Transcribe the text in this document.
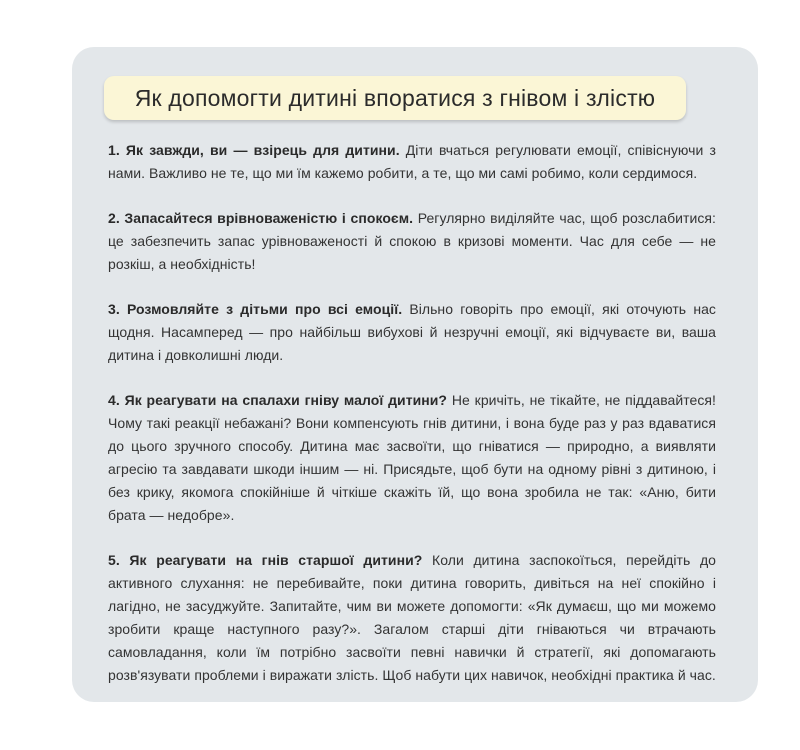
Як допомогти дитині впоратися з гнівом і злістю

1. Як завжди, ви — взірець для дитини. Діти вчаться регулювати емоції, співіснуючи з нами. Важливо не те, що ми їм кажемо робити, а те, що ми самі робимо, коли сердимося.

2. Запасайтеся врівноваженістю і спокоєм. Регулярно виділяйте час, щоб розслабитися: це забезпечить запас урівноваженості й спокою в кризові моменти. Час для себе — не розкіш, а необхідність!

3. Розмовляйте з дітьми про всі емоції. Вільно говоріть про емоції, які оточують нас щодня. Насамперед — про найбільш вибухові й незручні емоції, які відчуваєте ви, ваша дитина і довколишні люди.

4. Як реагувати на спалахи гніву малої дитини? Не кричіть, не тікайте, не піддавайтеся! Чому такі реакції небажані? Вони компенсують гнів дитини, і вона буде раз у раз вдаватися до цього зручного способу. Дитина має засвоїти, що гніватися — природно, а виявляти агресію та завдавати шкоди іншим — ні. Присядьте, щоб бути на одному рівні з дитиною, і без крику, якомога спокійніше й чіткіше скажіть їй, що вона зробила не так: «Аню, бити брата — недобре».

5. Як реагувати на гнів старшої дитини? Коли дитина заспокоїться, перейдіть до активного слухання: не перебивайте, поки дитина говорить, дивіться на неї спокійно і лагідно, не засуджуйте. Запитайте, чим ви можете допомогти: «Як думаєш, що ми можемо зробити краще наступного разу?». Загалом старші діти гніваються чи втрачають самовладання, коли їм потрібно засвоїти певні навички й стратегії, які допомагають розв'язувати проблеми і виражати злість. Щоб набути цих навичок, необхідні практика й час.
